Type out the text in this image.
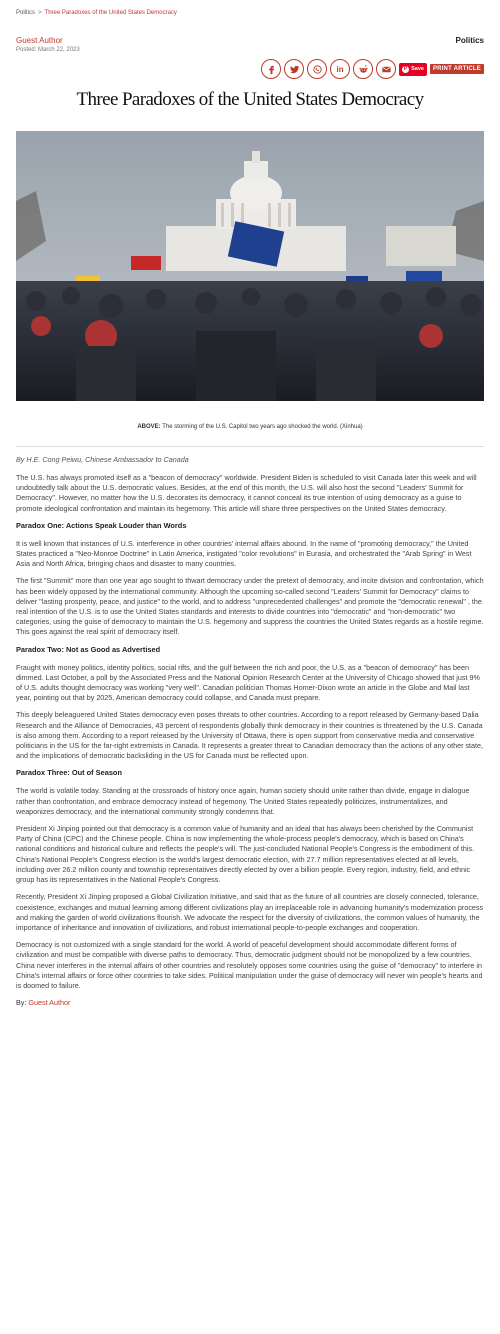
Politics > Three Paradoxes of the United States Democracy
Guest Author
Posted: March 22, 2023
Politics
in	P Save	PRINT ARTICLE
Three Paradoxes of the United States Democracy
ABOVE: The storming of the U.S. Capitol two years ago shocked the world. (Xinhua)
By H.E. Cong Peiwu, Chinese Ambassador to Canada

The U.S. has always promoted itself as a "beacon of democracy" worldwide. President Biden is scheduled to visit Canada later this week and will undoubtedly talk about the U.S. democratic values. Besides, at the end of this month, the U.S. will also host the second "Leaders' Summit for Democracy". However, no matter how the U.S. decorates its democracy, it cannot conceal its true intention of using democracy as a guise to promote ideological confrontation and maintain its hegemony. This article will share three perspectives on the United States democracy.

Paradox One: Actions Speak Louder than Words

It is well known that instances of U.S. interference in other countries' internal affairs abound. In the name of "promoting democracy," the United States practiced a "Neo-Monroe Doctrine" in Latin America, instigated "color revolutions" in Eurasia, and orchestrated the "Arab Spring" in West Asia and North Africa, bringing chaos and disaster to many countries.

The first "Summit" more than one year ago sought to thwart democracy under the pretext of democracy, and incite division and confrontation, which has been widely opposed by the international community. Although the upcoming so-called second "Leaders' Summit for Democracy" claims to deliver "lasting prosperity, peace, and justice" to the world, and to address "unprecedented challenges" and promote the "democratic renewal" , the real intention of the U.S. is to use the United States standards and interests to divide countries into "democratic" and "non-democratic" two categories, using the guise of democracy to maintain the U.S. hegemony and suppress the countries the United States regards as a hostile regime. This goes against the real spirit of democracy itself.

Paradox Two: Not as Good as Advertised

Fraught with money politics, identity politics, social rifts, and the gulf between the rich and poor, the U.S. as a "beacon of democracy" has been dimmed. Last October, a poll by the Associated Press and the National Opinion Research Center at the University of Chicago showed that just 9% of U.S. adults thought democracy was working "very well". Canadian politician Thomas Homer-Dixon wrote an article in the Globe and Mail last year, pointing out that by 2025, American democracy could collapse, and Canada must prepare.

This deeply beleaguered United States democracy even poses threats to other countries. According to a report released by Germany-based Dalia Research and the Alliance of Democracies, 43 percent of respondents globally think democracy in their countries is threatened by the U.S. Canada is also among them. According to a report released by the University of Ottawa, there is open support from conservative media and conservative politicians in the US for the far-right extremists in Canada. It represents a greater threat to Canadian democracy than the actions of any other state, and the implications of democratic backsliding in the US for Canada must be reflected upon.

Paradox Three: Out of Season

The world is volatile today. Standing at the crossroads of history once again, human society should unite rather than divide, engage in dialogue rather than confrontation, and embrace democracy instead of hegemony. The United States repeatedly politicizes, instrumentalizes, and weaponizes democracy, and the international community strongly condemns that.

President Xi Jinping pointed out that democracy is a common value of humanity and an ideal that has always been cherished by the Communist Party of China (CPC) and the Chinese people. China is now implementing the whole-process people's democracy, which is based on China's national conditions and historical culture and reflects the people's will. The just-concluded National People's Congress is the embodiment of this. China's National People's Congress election is the world's largest democratic election, with 27.7 million representatives elected at all levels, including over 26.2 million county and township representatives directly elected by over a billion people. Every region, industry, field, and ethnic group has its representatives in the National People's Congress.

Recently, President Xi Jinping proposed a Global Civilization Initiative, and said that as the future of all countries are closely connected, tolerance, coexistence, exchanges and mutual learning among different civilizations play an irreplaceable role in advancing humanity's modernization process and making the garden of world civilizations flourish. We advocate the respect for the diversity of civilizations, the common values of humanity, the importance of inheritance and innovation of civilizations, and robust international people-to-people exchanges and cooperation.

Democracy is not customized with a single standard for the world. A world of peaceful development should accommodate different forms of civilization and must be compatible with diverse paths to democracy. Thus, democratic judgment should not be monopolized by a few countries. China never interferes in the internal affairs of other countries and resolutely opposes some countries using the guise of "democracy" to interfere in China's internal affairs or force other countries to take sides. Political manipulation under the guise of democracy will never win people's hearts and is doomed to failure.

By: Guest Author
